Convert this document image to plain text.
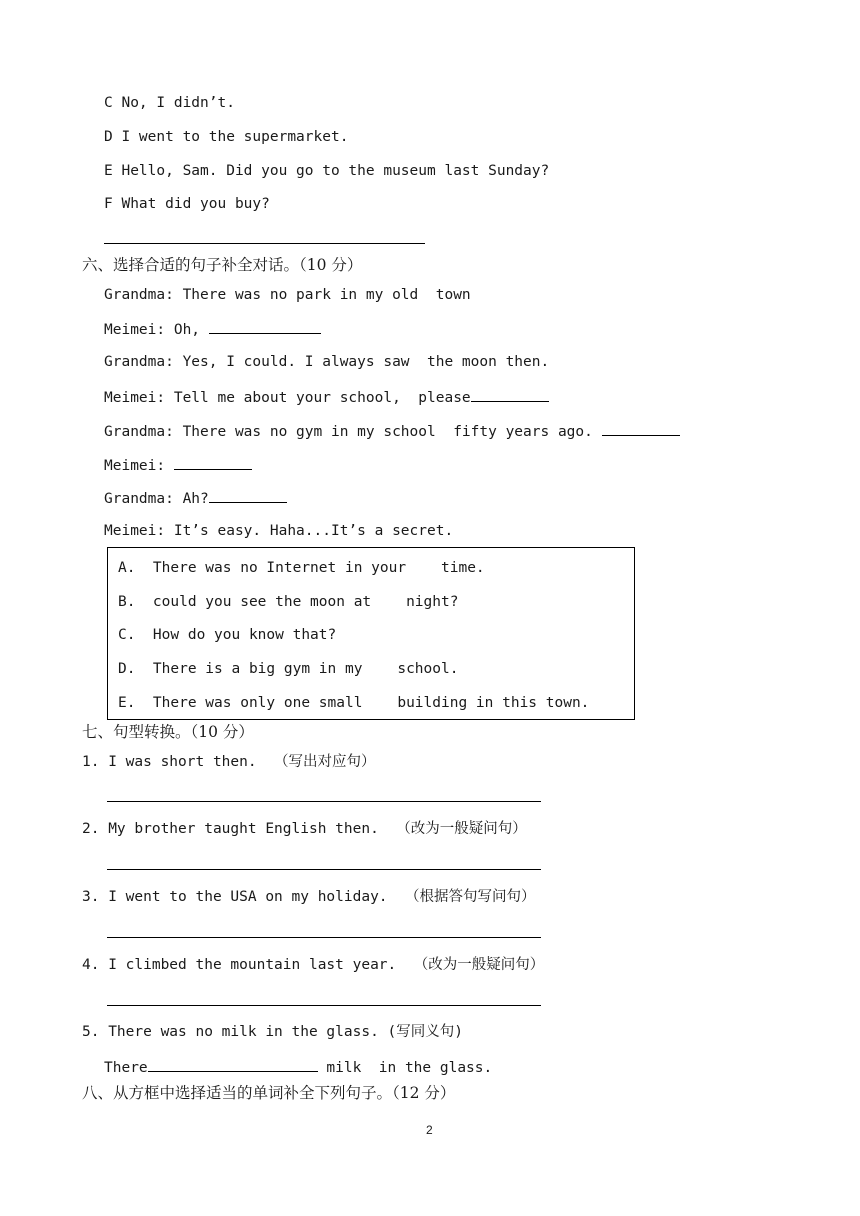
C No, I didn’t.
D I went to the supermarket.
E Hello, Sam. Did you go to the museum last Sunday?
F What did you buy?
六、选择合适的句子补全对话。（10 分）
Grandma: There was no park in my old  town
Meimei: Oh,
Grandma: Yes, I could. I always saw  the moon then.
Meimei: Tell me about your school,  please
Grandma: There was no gym in my school  fifty years ago.
Meimei:
Grandma: Ah?
Meimei: It’s easy. Haha...It’s a secret.
A.  There was no Internet in your    time.
B.  could you see the moon at    night?
C.  How do you know that?
D.  There is a big gym in my    school.
E.  There was only one small    building in this town.
七、句型转换。（10 分）
1. I was short then.  （写出对应句）
2. My brother taught English then.  （改为一般疑问句）
3. I went to the USA on my holiday.  （根据答句写问句）
4. I climbed the mountain last year.  （改为一般疑问句）
5. There was no milk in the glass. (写同义句)
There	milk  in the glass.
八、从方框中选择适当的单词补全下列句子。（12 分）
2
